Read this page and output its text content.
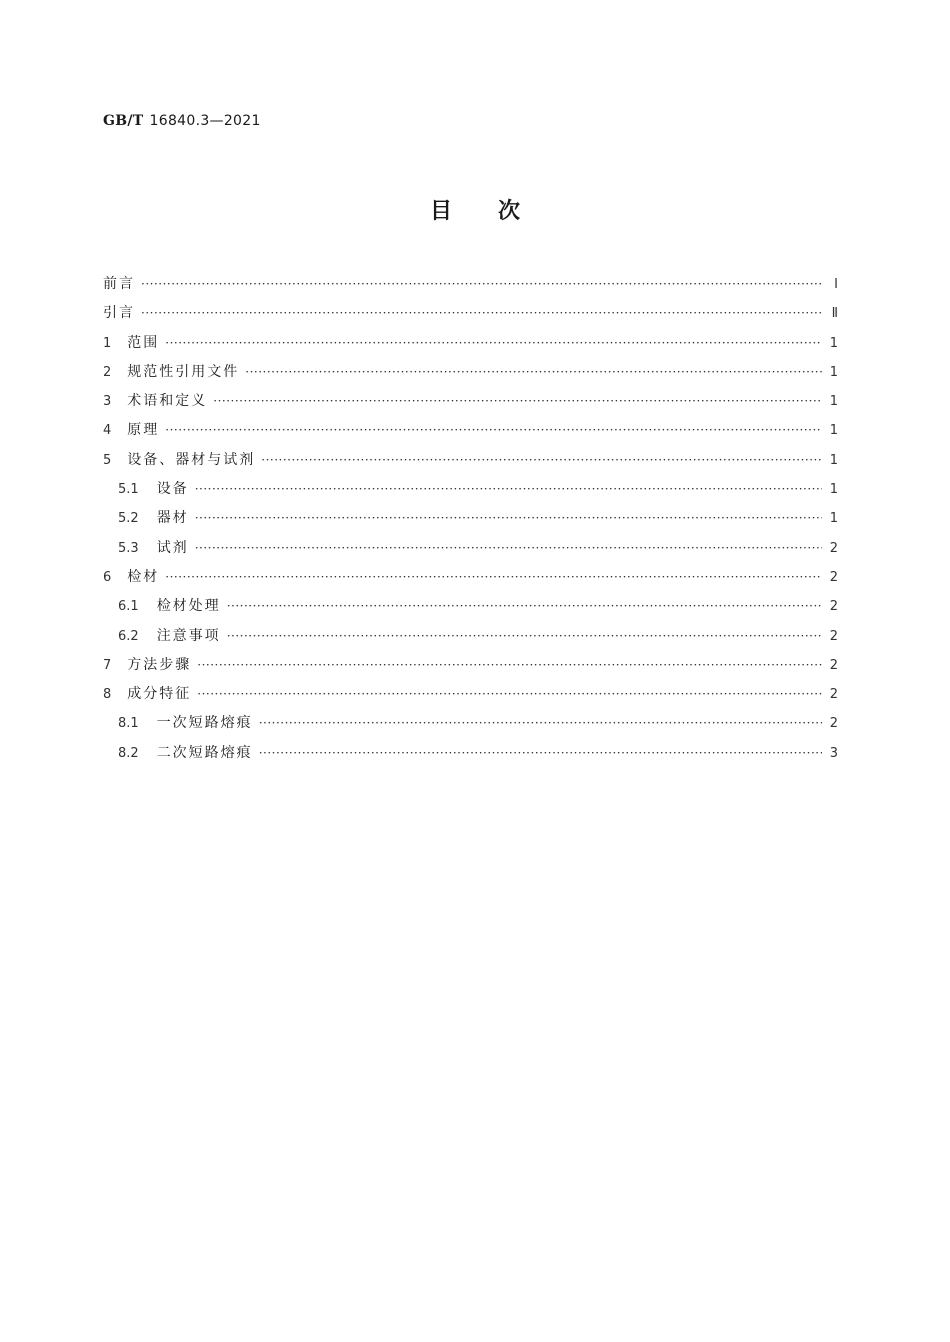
GB/T 16840.3—2021
目次
前言 ·····	Ⅰ
引言 ·····	Ⅱ
1 范围 ·····	1
2 规范性引用文件 ·····	1
3 术语和定义 ·····	1
4 原理 ·····	1
5 设备、器材与试剂 ·····	1
5.1 设备 ·····	1
5.2 器材 ·····	1
5.3 试剂 ·····	2
6 检材 ·····	2
6.1 检材处理 ·····	2
6.2 注意事项 ·····	2
7 方法步骤 ·····	2
8 成分特征 ·····	2
8.1 一次短路熔痕 ·····	2
8.2 二次短路熔痕 ·····	3
